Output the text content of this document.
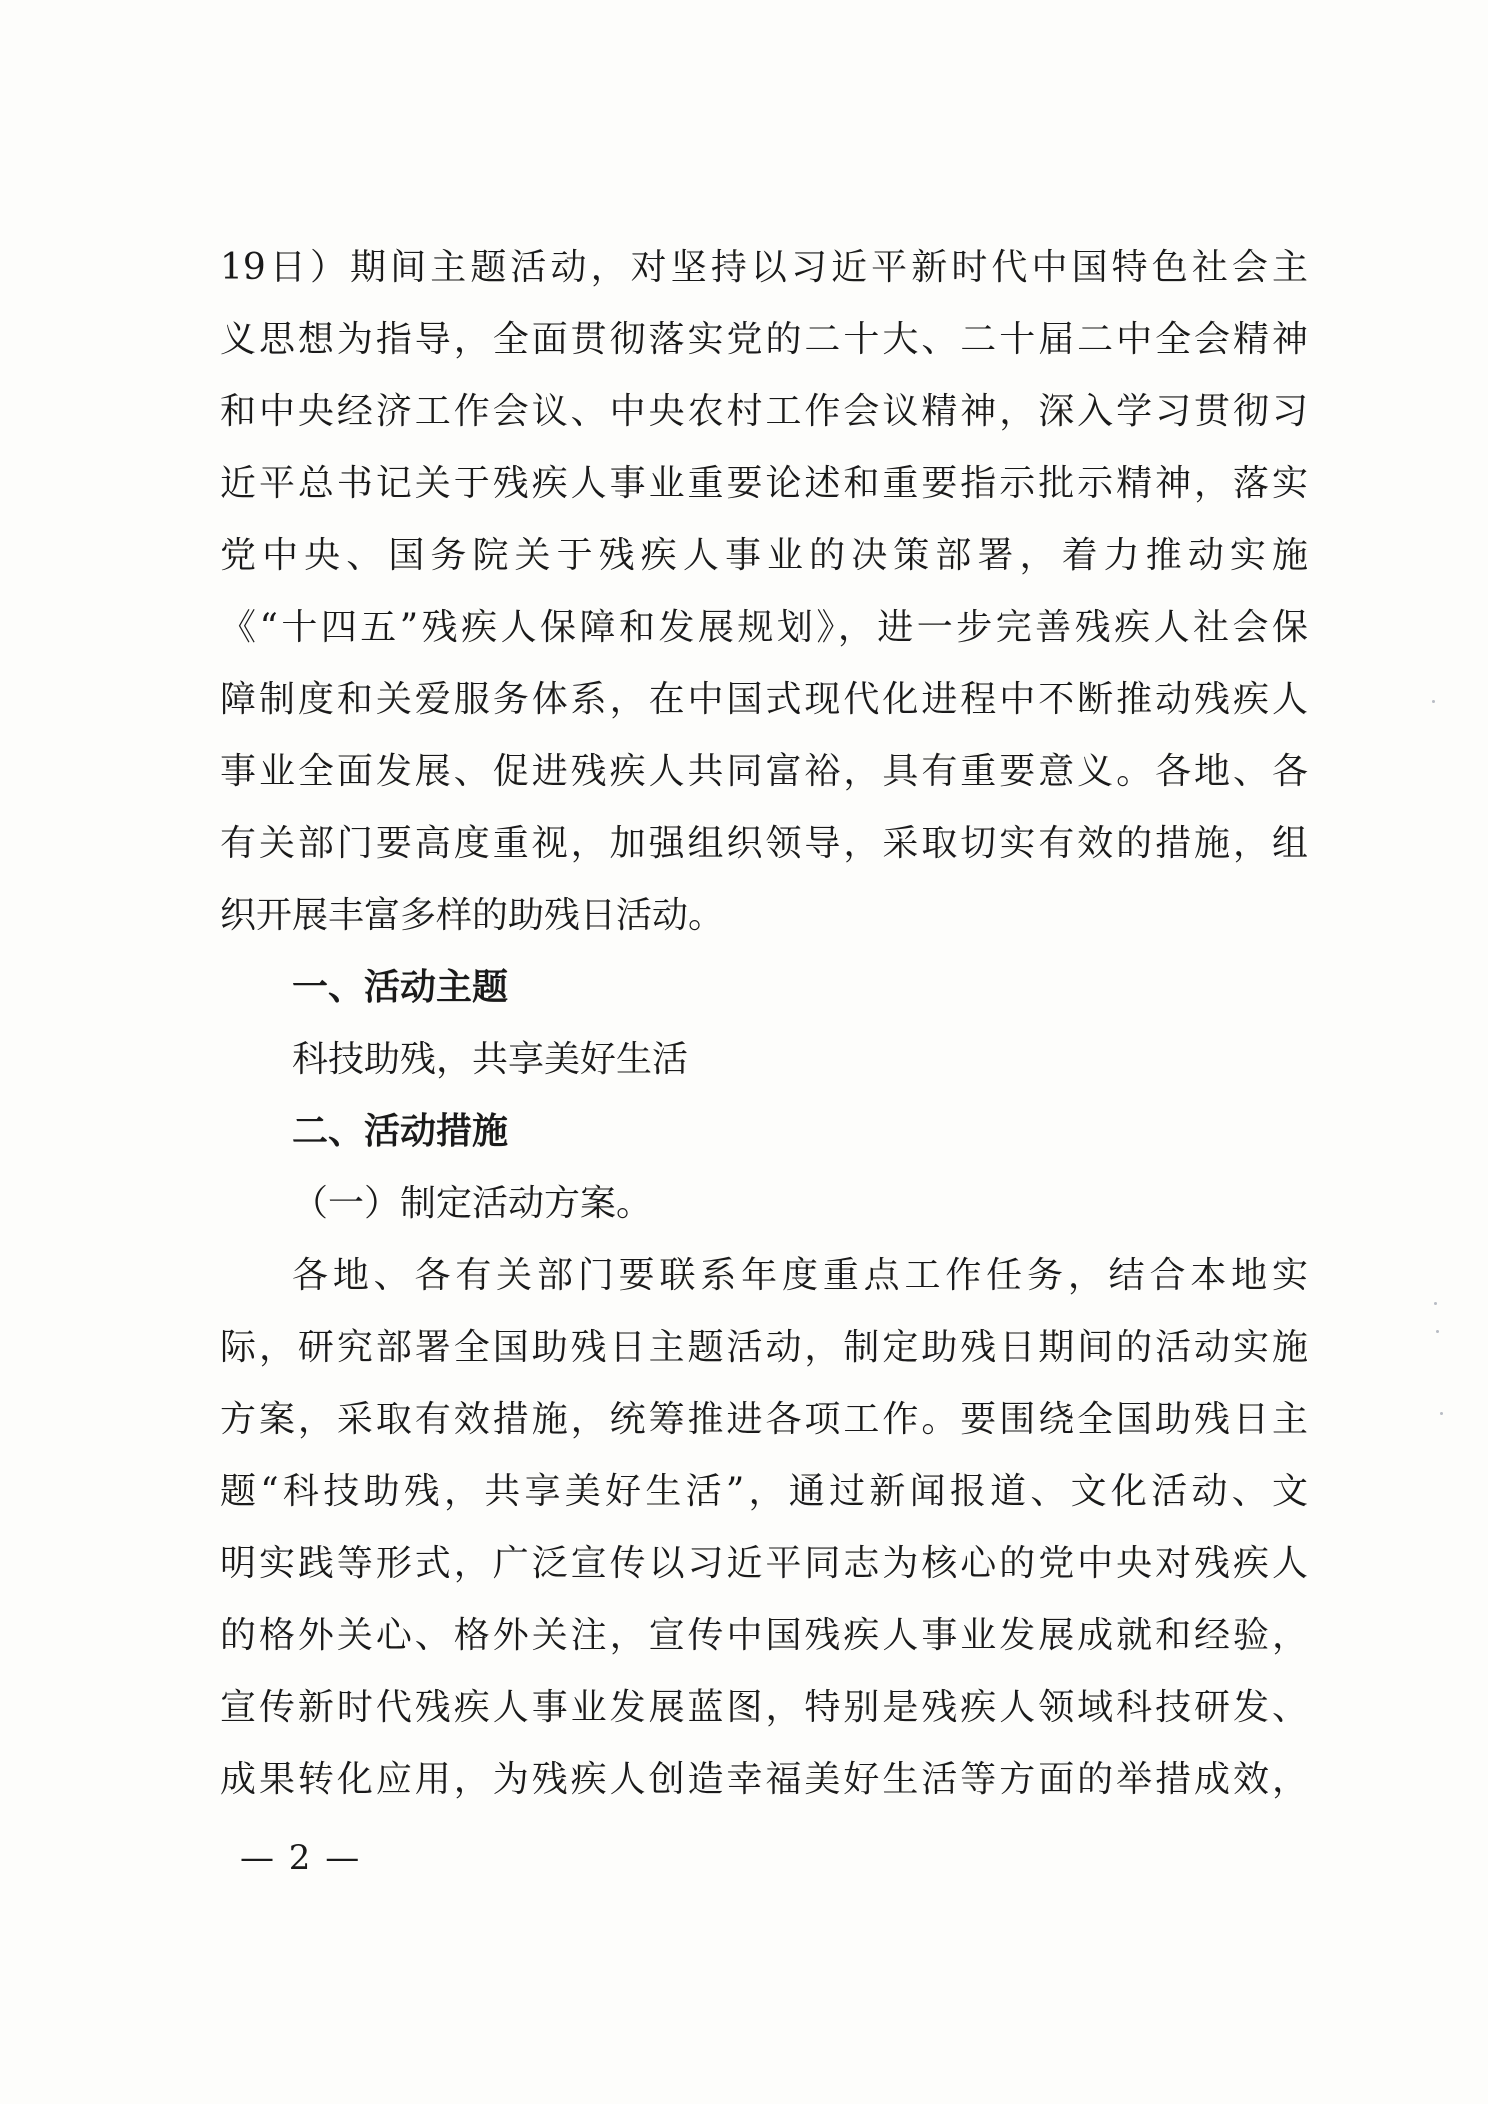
19日）期间主题活动，对坚持以习近平新时代中国特色社会主
义思想为指导，全面贯彻落实党的二十大、二十届二中全会精神
和中央经济工作会议、中央农村工作会议精神，深入学习贯彻习
近平总书记关于残疾人事业重要论述和重要指示批示精神，落实
党中央、国务院关于残疾人事业的决策部署，着力推动实施
《“十四五”残疾人保障和发展规划》，进一步完善残疾人社会保
障制度和关爱服务体系，在中国式现代化进程中不断推动残疾人
事业全面发展、促进残疾人共同富裕，具有重要意义。各地、各
有关部门要高度重视，加强组织领导，采取切实有效的措施，组
织开展丰富多样的助残日活动。
一、活动主题
科技助残，共享美好生活
二、活动措施
（一）制定活动方案。
各地、各有关部门要联系年度重点工作任务，结合本地实
际，研究部署全国助残日主题活动，制定助残日期间的活动实施
方案，采取有效措施，统筹推进各项工作。要围绕全国助残日主
题“科技助残，共享美好生活”，通过新闻报道、文化活动、文
明实践等形式，广泛宣传以习近平同志为核心的党中央对残疾人
的格外关心、格外关注，宣传中国残疾人事业发展成就和经验，
宣传新时代残疾人事业发展蓝图，特别是残疾人领域科技研发、
成果转化应用，为残疾人创造幸福美好生活等方面的举措成效，
— 2 —
